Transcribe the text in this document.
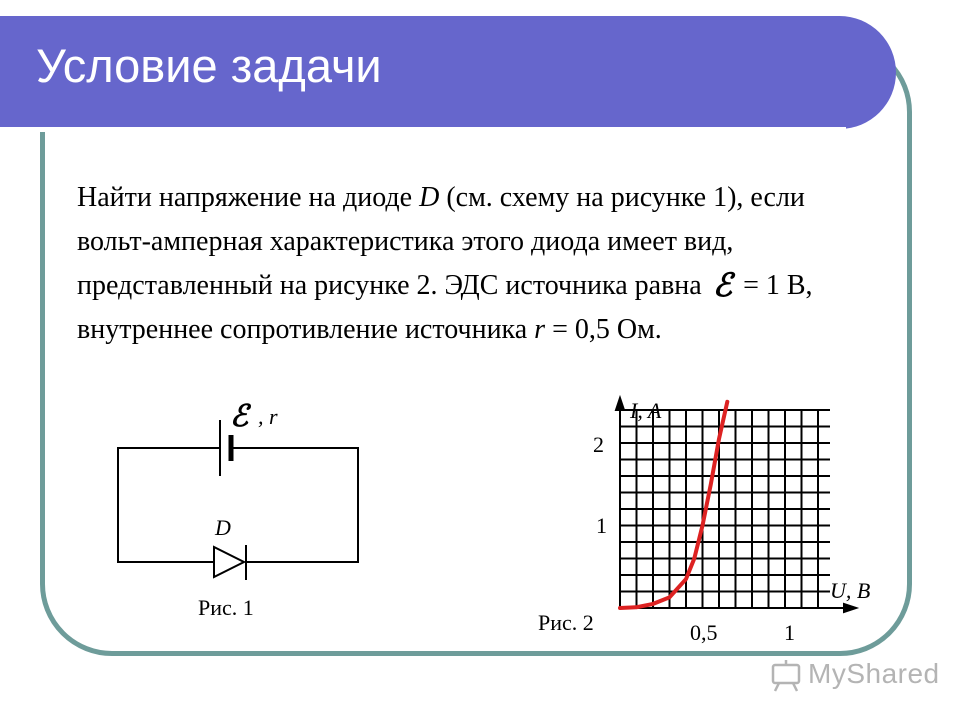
Условие задачи
Найти напряжение на диоде D (см. схему на рисунке 1), если вольт-амперная характеристика этого диода имеет вид, представленный на рисунке 2. ЭДС источника равна ℰ = 1 В, внутреннее сопротивление источника r = 0,5 Ом.
ℰ , r
D
Рис. 1
I, A
U, B
2
1
0,5	1
Рис. 2
MyShared
